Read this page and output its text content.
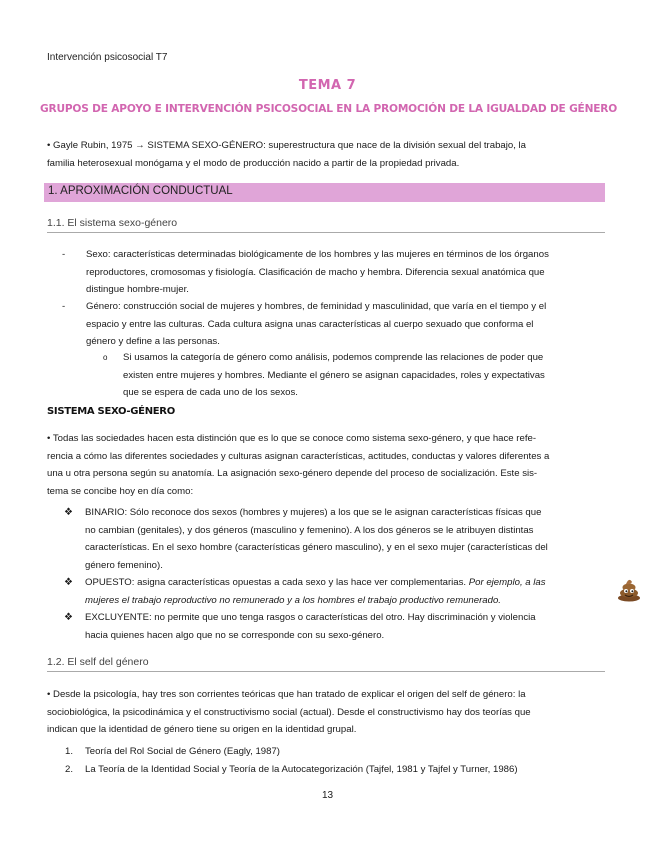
Intervención psicosocial T7
TEMA 7
GRUPOS DE APOYO E INTERVENCIÓN PSICOSOCIAL EN LA PROMOCIÓN DE LA IGUALDAD DE GÉNERO
• Gayle Rubin, 1975 → SISTEMA SEXO-GÉNERO: superestructura que nace de la división sexual del trabajo, la
familia heterosexual monógama y el modo de producción nacido a partir de la propiedad privada.
1. APROXIMACIÓN CONDUCTUAL
1.1. El sistema sexo-género
- Sexo: características determinadas biológicamente de los hombres y las mujeres en términos de los órganos
reproductores, cromosomas y fisiología. Clasificación de macho y hembra. Diferencia sexual anatómica que
distingue hombre-mujer.
- Género: construcción social de mujeres y hombres, de feminidad y masculinidad, que varía en el tiempo y el
espacio y entre las culturas. Cada cultura asigna unas características al cuerpo sexuado que conforma el
género y define a las personas.
o Si usamos la categoría de género como análisis, podemos comprende las relaciones de poder que
existen entre mujeres y hombres. Mediante el género se asignan capacidades, roles y expectativas
que se espera de cada uno de los sexos.
SISTEMA SEXO-GÉNERO
• Todas las sociedades hacen esta distinción que es lo que se conoce como sistema sexo-género, y que hace refe-
rencia a cómo las diferentes sociedades y culturas asignan características, actitudes, conductas y valores diferentes a
una u otra persona según su anatomía. La asignación sexo-género depende del proceso de socialización. Este sis-
tema se concibe hoy en día como:
❖ BINARIO: Sólo reconoce dos sexos (hombres y mujeres) a los que se le asignan características físicas que
no cambian (genitales), y dos géneros (masculino y femenino). A los dos géneros se le atribuyen distintas
características. En el sexo hombre (características género masculino), y en el sexo mujer (características del
género femenino).
❖ OPUESTO: asigna características opuestas a cada sexo y las hace ver complementarias. Por ejemplo, a las
mujeres el trabajo reproductivo no remunerado y a los hombres el trabajo productivo remunerado.
❖ EXCLUYENTE: no permite que uno tenga rasgos o características del otro. Hay discriminación y violencia
hacia quienes hacen algo que no se corresponde con su sexo-género.
1.2. El self del género
• Desde la psicología, hay tres son corrientes teóricas que han tratado de explicar el origen del self de género: la
sociobiológica, la psicodinámica y el constructivismo social (actual). Desde el constructivismo hay dos teorías que
indican que la identidad de género tiene su origen en la identidad grupal.
1. Teoría del Rol Social de Género (Eagly, 1987)
2. La Teoría de la Identidad Social y Teoría de la Autocategorización (Tajfel, 1981 y Tajfel y Turner, 1986)
13
